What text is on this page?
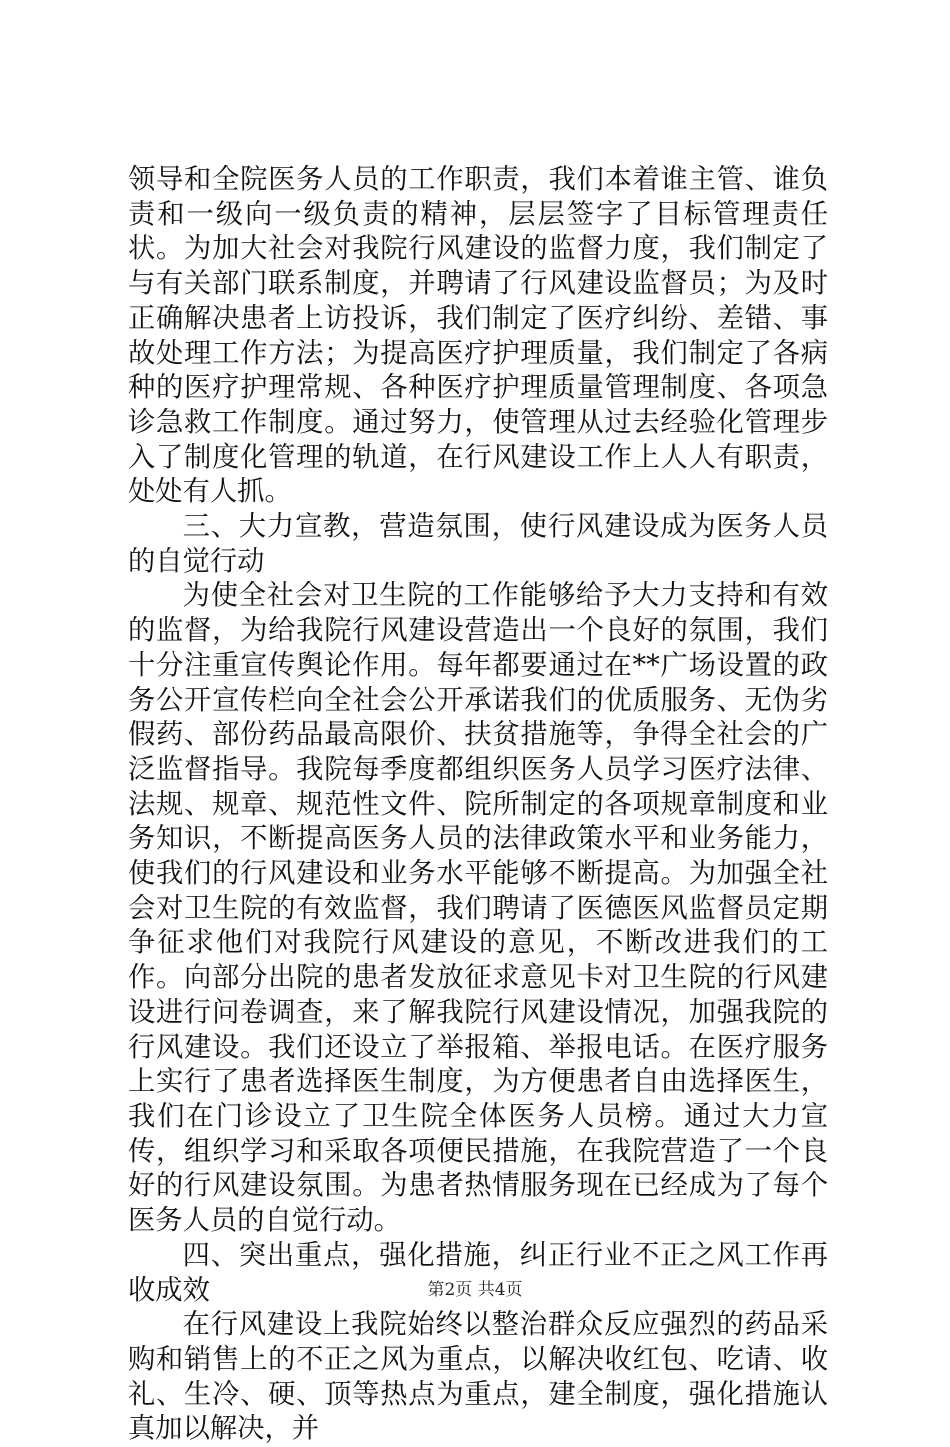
领导和全院医务人员的工作职责，我们本着谁主管、谁负责和一级向一级负责的精神，层层签字了目标管理责任状。为加大社会对我院行风建设的监督力度，我们制定了与有关部门联系制度，并聘请了行风建设监督员；为及时正确解决患者上访投诉，我们制定了医疗纠纷、差错、事故处理工作方法；为提高医疗护理质量，我们制定了各病种的医疗护理常规、各种医疗护理质量管理制度、各项急诊急救工作制度。通过努力，使管理从过去经验化管理步入了制度化管理的轨道，在行风建设工作上人人有职责，处处有人抓。

三、大力宣教，营造氛围，使行风建设成为医务人员的自觉行动

为使全社会对卫生院的工作能够给予大力支持和有效的监督，为给我院行风建设营造出一个良好的氛围，我们十分注重宣传舆论作用。每年都要通过在**广场设置的政务公开宣传栏向全社会公开承诺我们的优质服务、无伪劣假药、部份药品最高限价、扶贫措施等，争得全社会的广泛监督指导。我院每季度都组织医务人员学习医疗法律、法规、规章、规范性文件、院所制定的各项规章制度和业务知识，不断提高医务人员的法律政策水平和业务能力，使我们的行风建设和业务水平能够不断提高。为加强全社会对卫生院的有效监督，我们聘请了医德医风监督员定期争征求他们对我院行风建设的意见，不断改进我们的工作。向部分出院的患者发放征求意见卡对卫生院的行风建设进行问卷调查，来了解我院行风建设情况，加强我院的行风建设。我们还设立了举报箱、举报电话。在医疗服务上实行了患者选择医生制度，为方便患者自由选择医生，我们在门诊设立了卫生院全体医务人员榜。通过大力宣传，组织学习和采取各项便民措施，在我院营造了一个良好的行风建设氛围。为患者热情服务现在已经成为了每个医务人员的自觉行动。

四、突出重点，强化措施，纠正行业不正之风工作再收成效

在行风建设上我院始终以整治群众反应强烈的药品采购和销售上的不正之风为重点，以解决收红包、吃请、收礼、生冷、硬、顶等热点为重点，建全制度，强化措施认真加以解决，并

第2页 共4页
